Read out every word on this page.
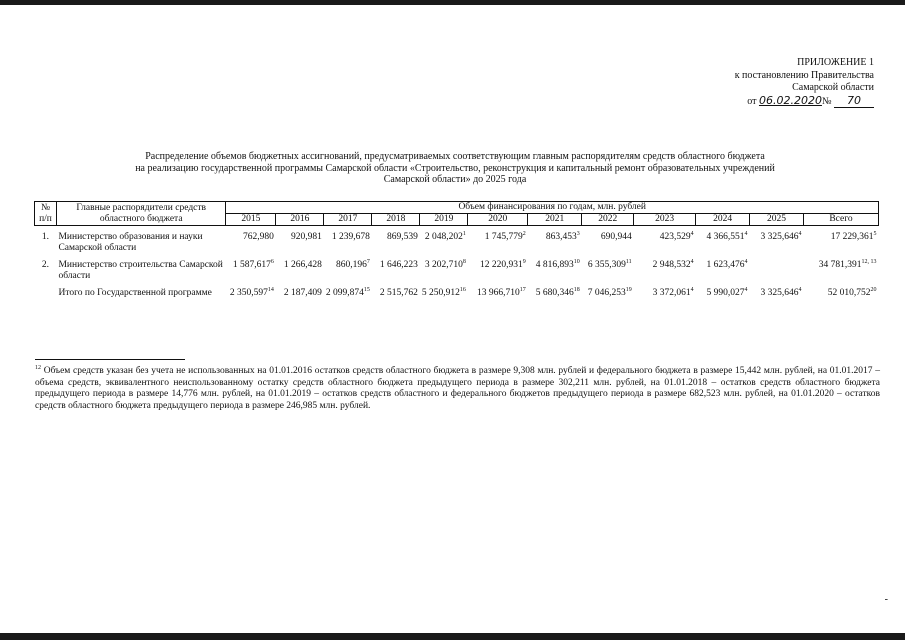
ПРИЛОЖЕНИЕ 1
к постановлению Правительства
Самарской области
от 06.02.2020№ 70
Распределение объемов бюджетных ассигнований, предусматриваемых соответствующим главным распорядителям средств областного бюджета
на реализацию государственной программы Самарской области «Строительство, реконструкция и капитальный ремонт образовательных учреждений
Самарской области» до 2025 года
№ п/п	Главные распорядители средств областного бюджета	Объем финансирования по годам, млн. рублей											
		2015	2016	2017	2018	2019	2020	2021	2022	2023	2024	2025	Всего

1.	Министерство образования и науки Самарской области	762,980	920,981	1 239,678	869,539	2 048,202$^1$	1 745,779$^2$	863,453$^3$	690,944	423,529$^4$	4 366,551$^4$	3 325,646$^4$	17 229,361$^5$

2.	Министерство строительства Самарской области	1 587,617$^6$	1 266,428	860,196$^7$	1 646,223	3 202,710$^8$	12 220,931$^9$	4 816,893$^{10}$	6 355,309$^{11}$	2 948,532$^4$	1 623,476$^4$		34 781,391$^{12, 13}$

	Итого по Государственной программе	2 350,597$^{14}$	2 187,409	2 099,874$^{15}$	2 515,762	5 250,912$^{16}$	13 966,710$^{17}$	5 680,346$^{18}$	7 046,253$^{19}$	3 372,061$^4$	5 990,027$^4$	3 325,646$^4$	52 010,752$^{20}$
$^{12}$ Объем средств указан без учета не использованных на 01.01.2016 остатков средств областного бюджета в размере 9,308 млн. рублей и федерального бюджета в размере 15,442 млн. рублей, на 01.01.2017 – объема средств, эквивалентного неиспользованному остатку средств областного бюджета предыдущего периода в размере 302,211 млн. рублей, на 01.01.2018 – остатков средств областного бюджета предыдущего периода в размере 14,776 млн. рублей, на 01.01.2019 – остатков средств областного и федерального бюджетов предыдущего периода в размере 682,523 млн. рублей, на 01.01.2020 – остатков средств областного бюджета предыдущего периода в размере 246,985 млн. рублей.
-
